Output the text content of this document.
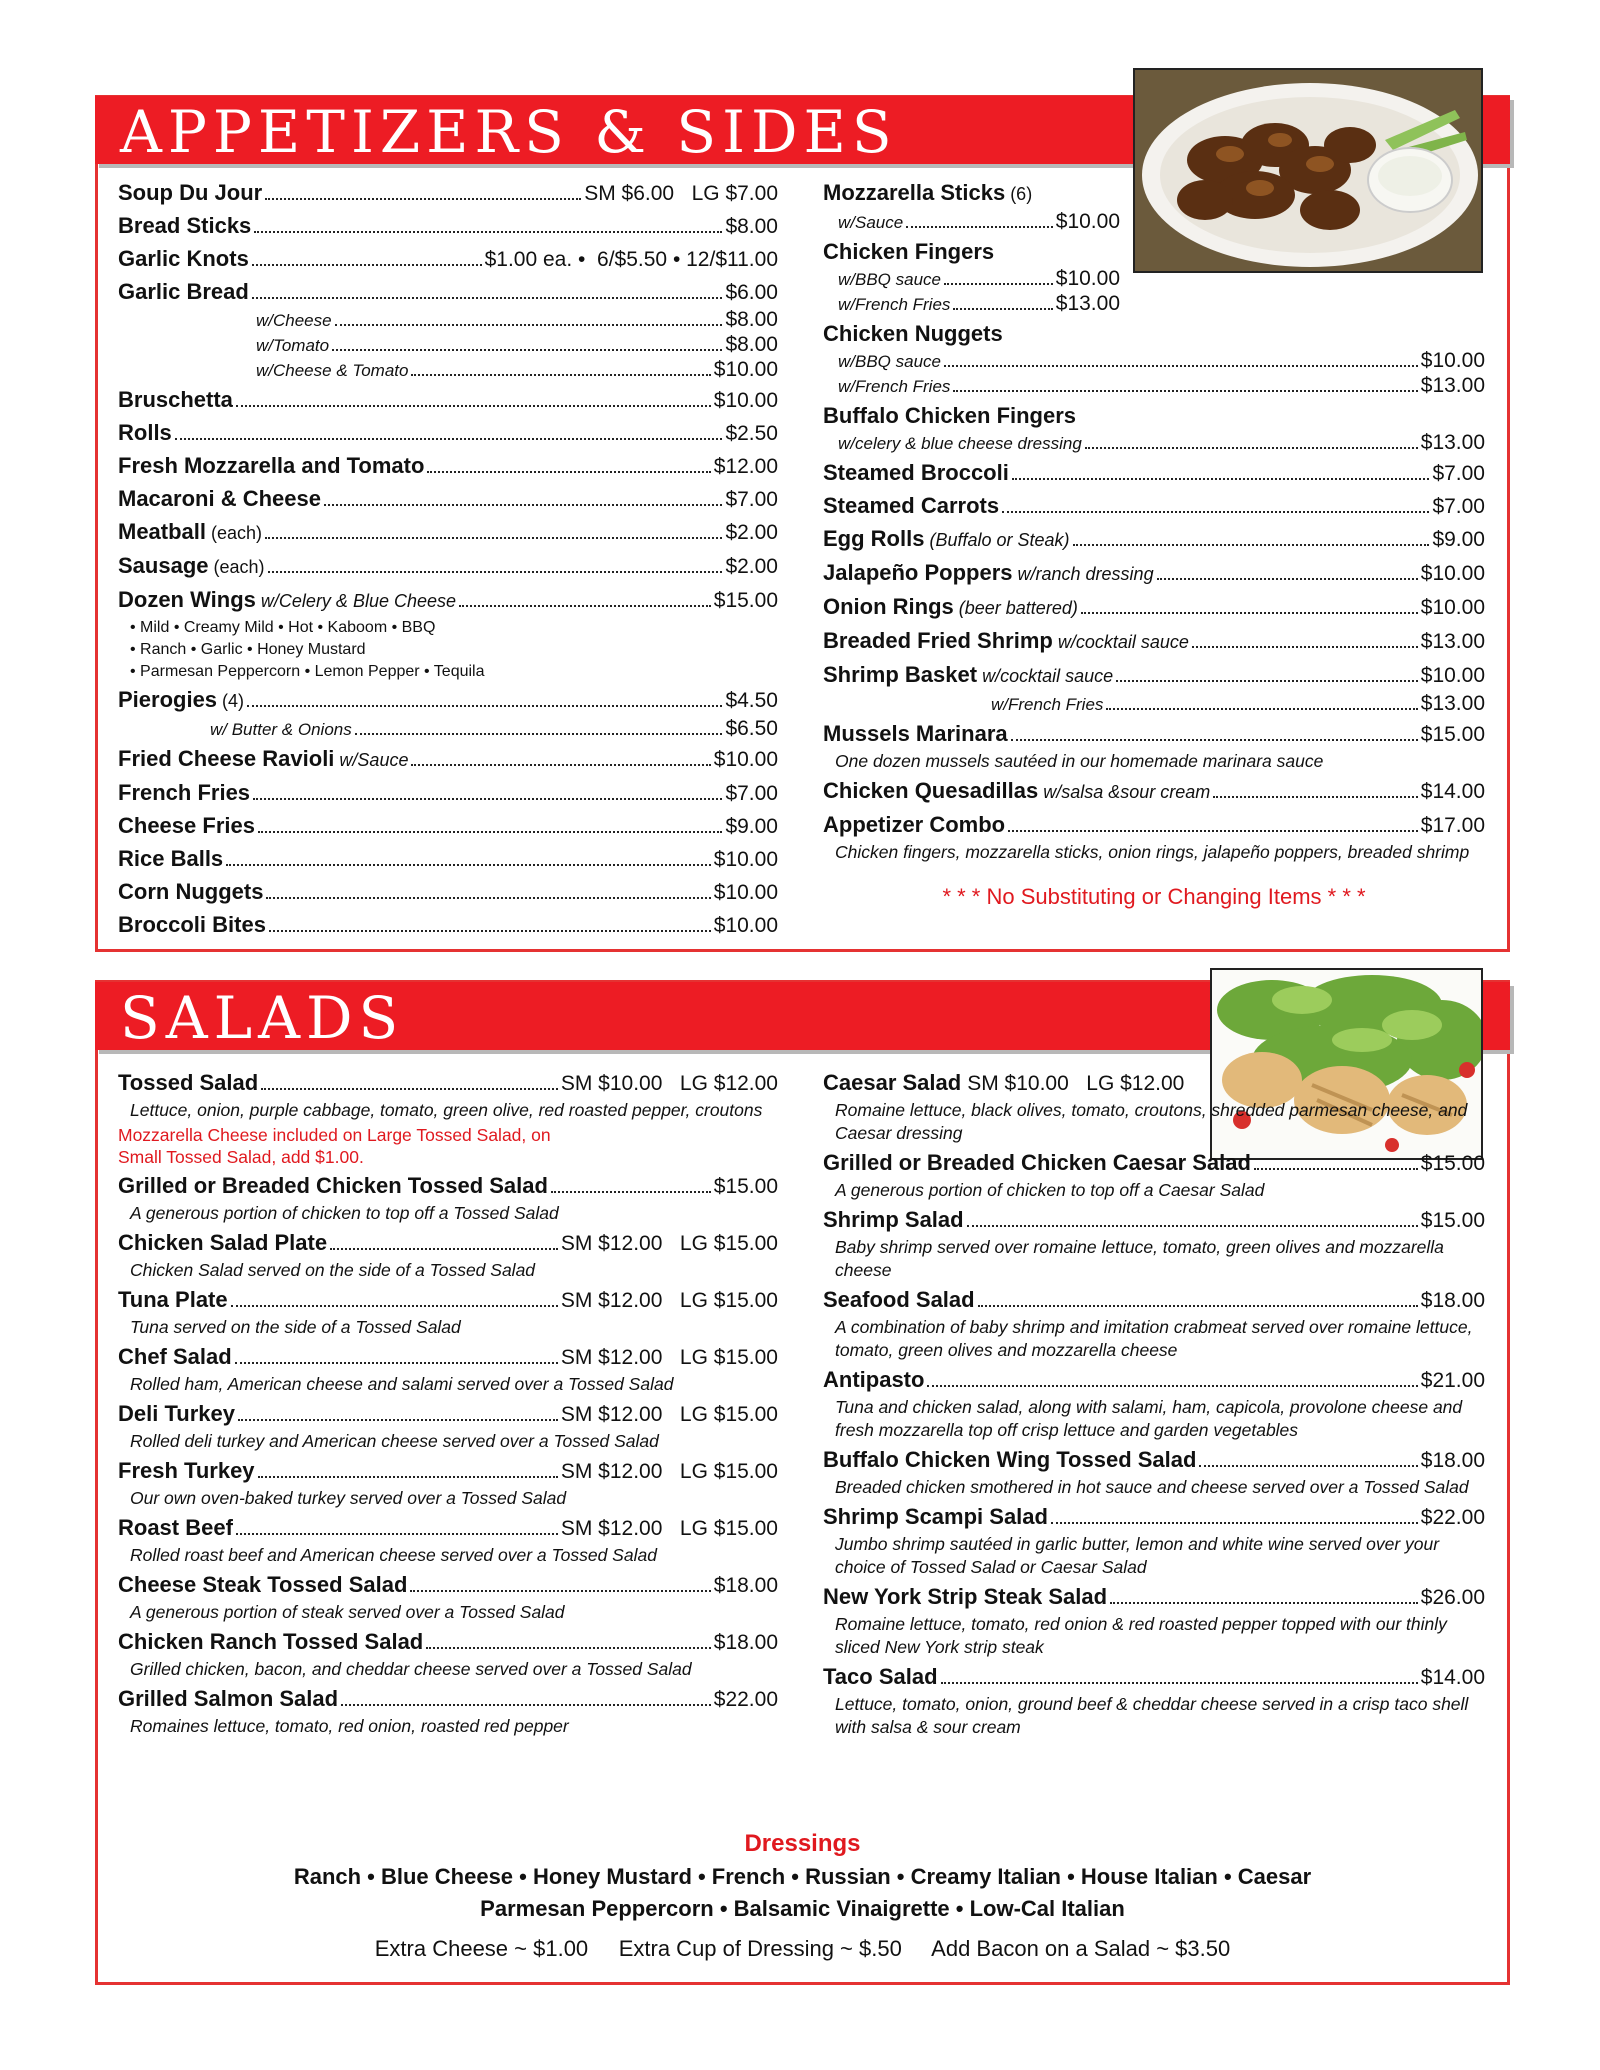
APPETIZERS & SIDES
Soup Du Jour	SM $6.00   LG $7.00
Bread Sticks	$8.00
Garlic Knots	$1.00 ea. •  6/$5.50 • 12/$11.00
Garlic Bread	$6.00
w/Cheese	$8.00
w/Tomato	$8.00
w/Cheese & Tomato	$10.00
Bruschetta	$10.00
Rolls	$2.50
Fresh Mozzarella and Tomato	$12.00
Macaroni & Cheese	$7.00
Meatball (each)	$2.00
Sausage (each)	$2.00
Dozen Wings w/Celery & Blue Cheese	$15.00
• Mild • Creamy Mild • Hot • Kaboom • BBQ
• Ranch • Garlic • Honey Mustard
• Parmesan Peppercorn • Lemon Pepper • Tequila
Pierogies (4)	$4.50
w/ Butter & Onions	$6.50
Fried Cheese Ravioli w/Sauce	$10.00
French Fries	$7.00
Cheese Fries	$9.00
Rice Balls	$10.00
Corn Nuggets	$10.00
Broccoli Bites	$10.00
Mozzarella Sticks (6)
w/Sauce	$10.00
Chicken Fingers
w/BBQ sauce	$10.00
w/French Fries	$13.00
Chicken Nuggets
w/BBQ sauce	$10.00
w/French Fries	$13.00
Buffalo Chicken Fingers
w/celery & blue cheese dressing	$13.00
Steamed Broccoli	$7.00
Steamed Carrots	$7.00
Egg Rolls (Buffalo or Steak)	$9.00
Jalapeño Poppers w/ranch dressing	$10.00
Onion Rings (beer battered)	$10.00
Breaded Fried Shrimp w/cocktail sauce	$13.00
Shrimp Basket w/cocktail sauce	$10.00
w/French Fries	$13.00
Mussels Marinara	$15.00
One dozen mussels sautéed in our homemade marinara sauce
Chicken Quesadillas w/salsa &sour cream	$14.00
Appetizer Combo	$17.00
Chicken fingers, mozzarella sticks, onion rings, jalapeño poppers, breaded shrimp
* * * No Substituting or Changing Items * * *
SALADS
Tossed Salad	SM $10.00   LG $12.00
Lettuce, onion, purple cabbage, tomato, green olive, red roasted pepper, croutons
Mozzarella Cheese included on Large Tossed Salad, on Small Tossed Salad, add $1.00.
Grilled or Breaded Chicken Tossed Salad	$15.00
A generous portion of chicken to top off a Tossed Salad
Chicken Salad Plate	SM $12.00   LG $15.00
Chicken Salad served on the side of a Tossed Salad
Tuna Plate	SM $12.00   LG $15.00
Tuna served on the side of a Tossed Salad
Chef Salad	SM $12.00   LG $15.00
Rolled ham, American cheese and salami served over a Tossed Salad
Deli Turkey	SM $12.00   LG $15.00
Rolled deli turkey and American cheese served over a Tossed Salad
Fresh Turkey	SM $12.00   LG $15.00
Our own oven-baked turkey served over a Tossed Salad
Roast Beef	SM $12.00   LG $15.00
Rolled roast beef and American cheese served over a Tossed Salad
Cheese Steak Tossed Salad	$18.00
A generous portion of steak served over a Tossed Salad
Chicken Ranch Tossed Salad	$18.00
Grilled chicken, bacon, and cheddar cheese served over a Tossed Salad
Grilled Salmon Salad	$22.00
Romaines lettuce, tomato, red onion, roasted red pepper
Caesar Salad SM $10.00   LG $12.00
Romaine lettuce, black olives, tomato, croutons, shredded parmesan cheese, and Caesar dressing
Grilled or Breaded Chicken Caesar Salad	$15.00
A generous portion of chicken to top off a Caesar Salad
Shrimp Salad	$15.00
Baby shrimp served over romaine lettuce, tomato, green olives and mozzarella cheese
Seafood Salad	$18.00
A combination of baby shrimp and imitation crabmeat served over romaine lettuce, tomato, green olives and mozzarella cheese
Antipasto	$21.00
Tuna and chicken salad, along with salami, ham, capicola, provolone cheese and fresh mozzarella top off crisp lettuce and garden vegetables
Buffalo Chicken Wing Tossed Salad	$18.00
Breaded chicken smothered in hot sauce and cheese served over a Tossed Salad
Shrimp Scampi Salad	$22.00
Jumbo shrimp sautéed in garlic butter, lemon and white wine served over your choice of Tossed Salad or Caesar Salad
New York Strip Steak Salad	$26.00
Romaine lettuce, tomato, red onion & red roasted pepper topped with our thinly sliced New York strip steak
Taco Salad	$14.00
Lettuce, tomato, onion, ground beef & cheddar cheese served in a crisp taco shell with salsa & sour cream
Dressings
Ranch • Blue Cheese • Honey Mustard • French • Russian • Creamy Italian • House Italian • Caesar
Parmesan Peppercorn • Balsamic Vinaigrette • Low-Cal Italian
Extra Cheese ~ $1.00     Extra Cup of Dressing ~ $.50     Add Bacon on a Salad ~ $3.50
